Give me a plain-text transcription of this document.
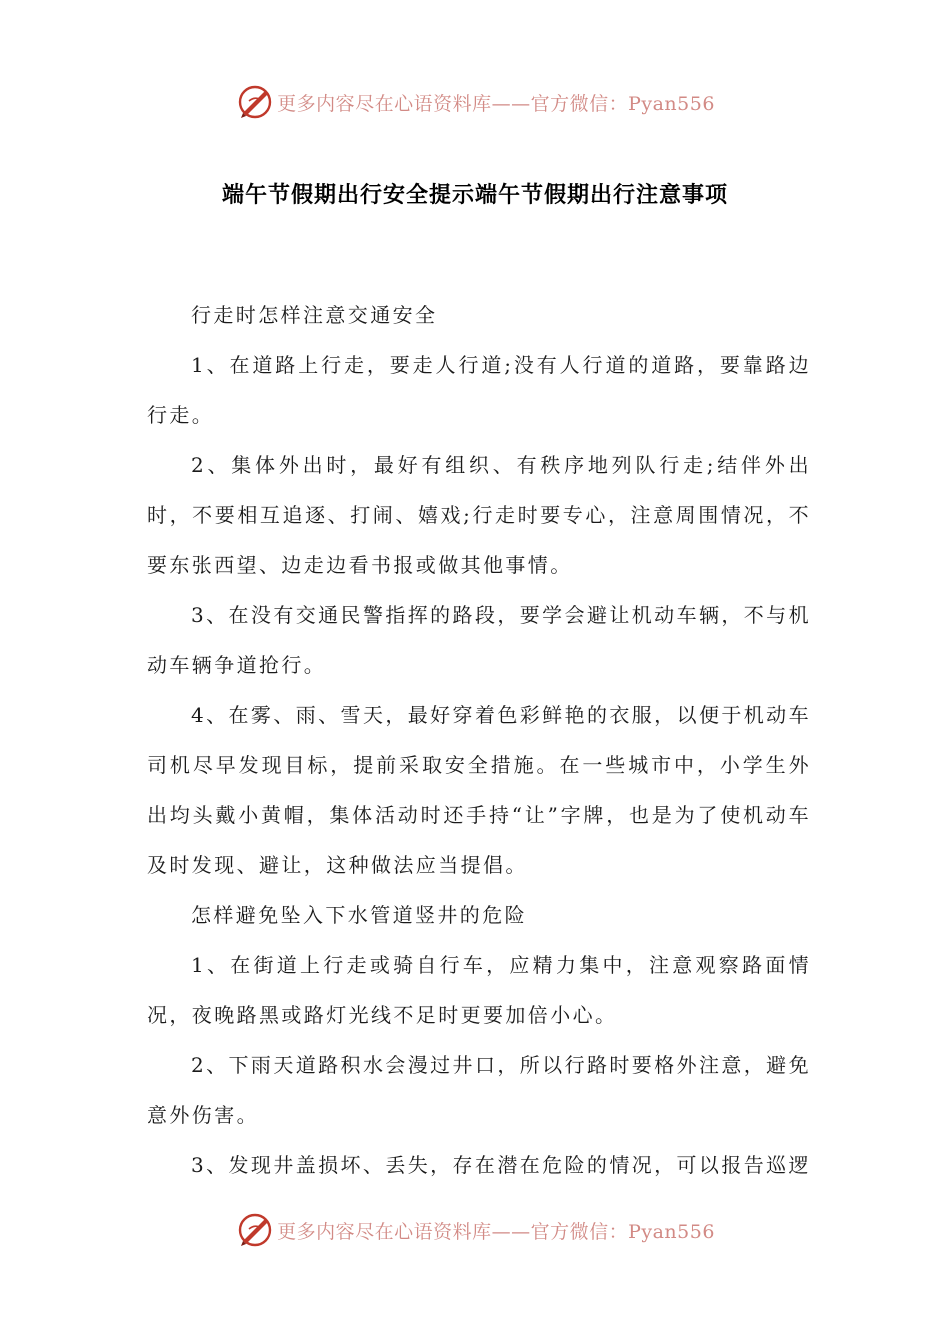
更多内容尽在心语资料库——官方微信：Pyan556
端午节假期出行安全提示端午节假期出行注意事项

行走时怎样注意交通安全

1、在道路上行走，要走人行道;没有人行道的道路，要靠路边行走。

2、集体外出时，最好有组织、有秩序地列队行走;结伴外出时，不要相互追逐、打闹、嬉戏;行走时要专心，注意周围情况，不要东张西望、边走边看书报或做其他事情。

3、在没有交通民警指挥的路段，要学会避让机动车辆，不与机动车辆争道抢行。

4、在雾、雨、雪天，最好穿着色彩鲜艳的衣服，以便于机动车司机尽早发现目标，提前采取安全措施。在一些城市中，小学生外出均头戴小黄帽，集体活动时还手持“让”字牌，也是为了使机动车及时发现、避让，这种做法应当提倡。

怎样避免坠入下水管道竖井的危险

1、在街道上行走或骑自行车，应精力集中，注意观察路面情况，夜晚路黑或路灯光线不足时更要加倍小心。

2、下雨天道路积水会漫过井口，所以行路时要格外注意，避免意外伤害。

3、发现井盖损坏、丢失，存在潜在危险的情况，可以报告巡逻

更多内容尽在心语资料库——官方微信：Pyan556
